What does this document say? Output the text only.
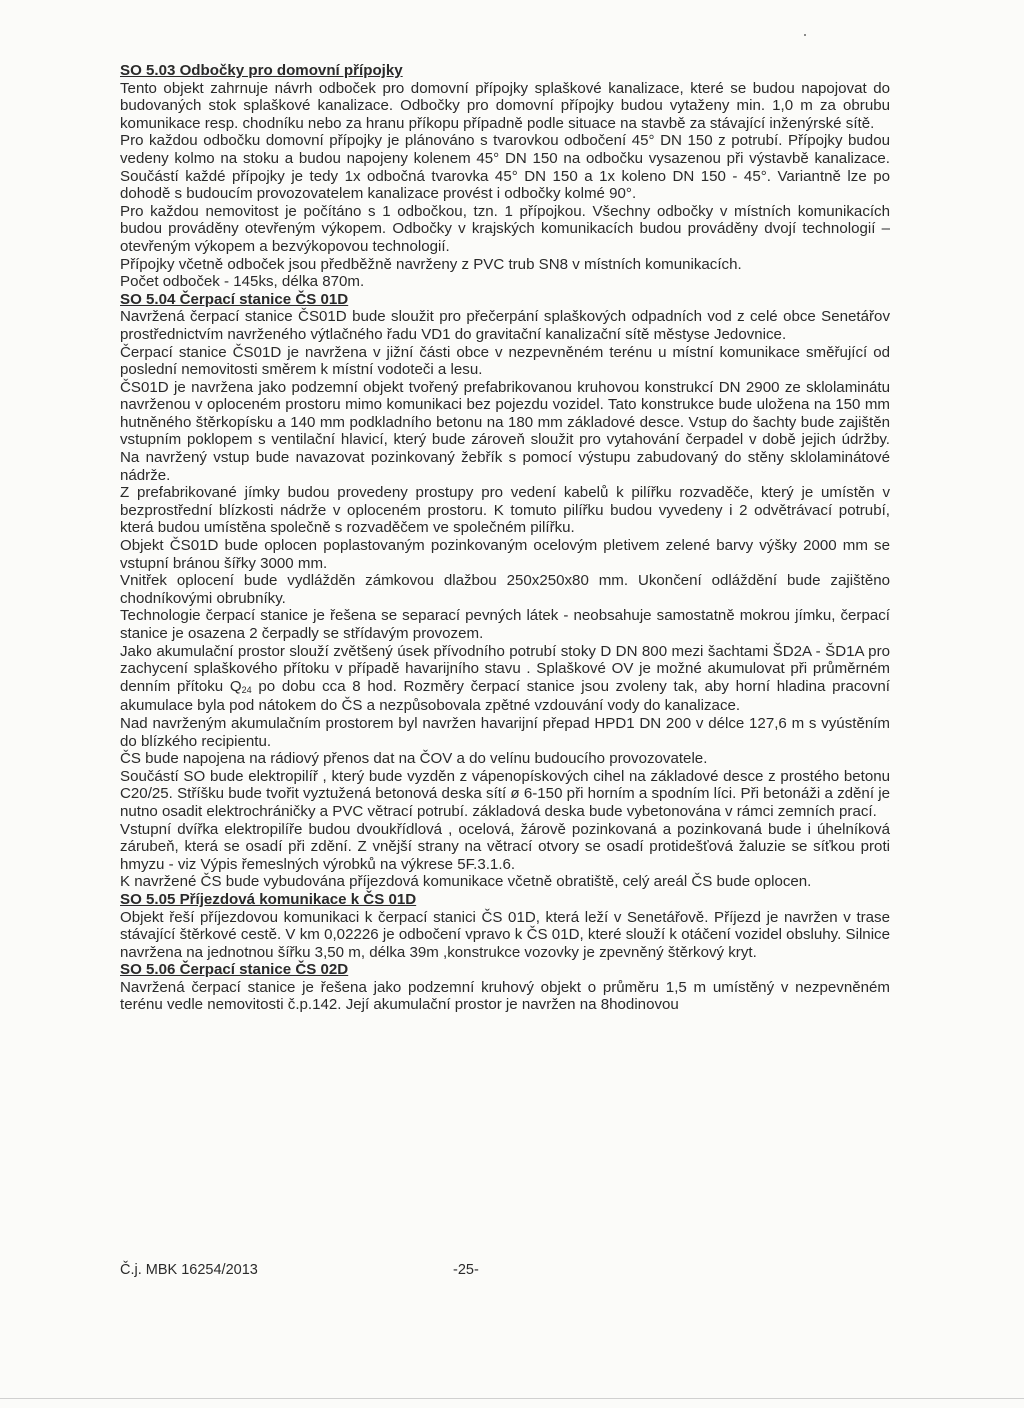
SO 5.03 Odbočky pro domovní přípojky

Tento objekt zahrnuje návrh odboček pro domovní přípojky splaškové kanalizace, které se budou napojovat do budovaných stok splaškové kanalizace. Odbočky pro domovní přípojky budou vytaženy min. 1,0 m za obrubu komunikace resp. chodníku nebo za hranu příkopu případně podle situace na stavbě za stávající inženýrské sítě.

Pro každou odbočku domovní přípojky je plánováno s tvarovkou odbočení 45° DN 150 z potrubí. Přípojky budou vedeny kolmo na stoku a budou napojeny kolenem 45° DN 150 na odbočku vysazenou při výstavbě kanalizace. Součástí každé přípojky je tedy 1x odbočná tvarovka 45° DN 150 a 1x koleno DN 150 - 45°. Variantně lze po dohodě s budoucím provozovatelem kanalizace provést i odbočky kolmé 90°.

Pro každou nemovitost je počítáno s 1 odbočkou, tzn. 1 přípojkou. Všechny odbočky v místních komunikacích budou prováděny otevřeným výkopem. Odbočky v krajských komunikacích budou prováděny dvojí technologií – otevřeným výkopem a bezvýkopovou technologií.

Přípojky včetně odboček jsou předběžně navrženy z PVC trub SN8 v místních komunikacích.

Počet odboček - 145ks, délka 870m.

SO 5.04 Čerpací stanice ČS 01D

Navržená čerpací stanice ČS01D bude sloužit pro přečerpání splaškových odpadních vod z celé obce Senetářov prostřednictvím navrženého výtlačného řadu VD1 do gravitační kanalizační sítě městyse Jedovnice.

Čerpací stanice ČS01D je navržena v jižní části obce v nezpevněném terénu u místní komunikace směřující od poslední nemovitosti směrem k místní vodoteči a lesu.

ČS01D je navržena jako podzemní objekt tvořený prefabrikovanou kruhovou konstrukcí DN 2900 ze sklolaminátu navrženou v oploceném prostoru mimo komunikaci bez pojezdu vozidel. Tato konstrukce bude uložena na 150 mm hutněného štěrkopísku a 140 mm podkladního betonu na 180 mm základové desce. Vstup do šachty bude zajištěn vstupním poklopem s ventilační hlavicí, který bude zároveň sloužit pro vytahování čerpadel v době jejich údržby. Na navržený vstup bude navazovat pozinkovaný žebřík s pomocí výstupu zabudovaný do stěny sklolaminátové nádrže.

Z prefabrikované jímky budou provedeny prostupy pro vedení kabelů k pilířku rozvaděče, který je umístěn v bezprostřední blízkosti nádrže v oploceném prostoru. K tomuto pilířku budou vyvedeny i 2 odvětrávací potrubí, která budou umístěna společně s rozvaděčem ve společném pilířku.

Objekt ČS01D bude oplocen poplastovaným pozinkovaným ocelovým pletivem zelené barvy výšky 2000 mm se vstupní bránou šířky 3000 mm.

Vnitřek oplocení bude vydlážděn zámkovou dlažbou 250x250x80 mm. Ukončení odláždění bude zajištěno chodníkovými obrubníky.

Technologie čerpací stanice je řešena se separací pevných látek - neobsahuje samostatně mokrou jímku, čerpací stanice je osazena 2 čerpadly se střídavým provozem.

Jako akumulační prostor slouží zvětšený úsek přívodního potrubí stoky D DN 800 mezi šachtami ŠD2A - ŠD1A pro zachycení splaškového přítoku v případě havarijního stavu . Splaškové OV je možné akumulovat při průměrném denním přítoku $Q_{24}$ po dobu cca 8 hod. Rozměry čerpací stanice jsou zvoleny tak, aby horní hladina pracovní akumulace byla pod nátokem do ČS a nezpůsobovala zpětné vzdouvání vody do kanalizace.

Nad navrženým akumulačním prostorem byl navržen havarijní přepad HPD1 DN 200 v délce 127,6 m s vyústěním do blízkého recipientu.

ČS bude napojena na rádiový přenos dat na ČOV a do velínu budoucího provozovatele.

Součástí SO bude elektropilíř , který bude vyzděn z vápenopískových cihel na základové desce z prostého betonu C20/25. Stříšku bude tvořit vyztužená betonová deska sítí ø 6-150 při horním a spodním líci. Při betonáži a zdění je nutno osadit elektrochráničky a PVC větrací potrubí. základová deska bude vybetonována v rámci zemních prací.

Vstupní dvířka elektropilíře budou dvoukřídlová , ocelová, žárově pozinkovaná a pozinkovaná bude i úhelníková zárubeň, která se osadí při zdění. Z vnější strany na větrací otvory se osadí protidešťová žaluzie se síťkou proti hmyzu - viz Výpis řemeslných výrobků na výkrese 5F.3.1.6.

K navržené ČS bude vybudována příjezdová komunikace včetně obratiště, celý areál ČS bude oplocen.

SO 5.05 Příjezdová komunikace k ČS 01D

Objekt řeší příjezdovou komunikaci k čerpací stanici ČS 01D, která leží v Senetářově. Příjezd je navržen v trase stávající štěrkové cestě. V km 0,02226 je odbočení vpravo k ČS 01D, které slouží k otáčení vozidel obsluhy. Silnice navržena na jednotnou šířku 3,50 m, délka 39m ,konstrukce vozovky je zpevněný štěrkový kryt.

SO 5.06 Čerpací stanice ČS 02D

Navržená čerpací stanice je řešena jako podzemní kruhový objekt o průměru 1,5 m umístěný v nezpevněném terénu vedle nemovitosti č.p.142. Její akumulační prostor je navržen na 8hodinovou

Č.j. MBK 16254/2013	-25-
